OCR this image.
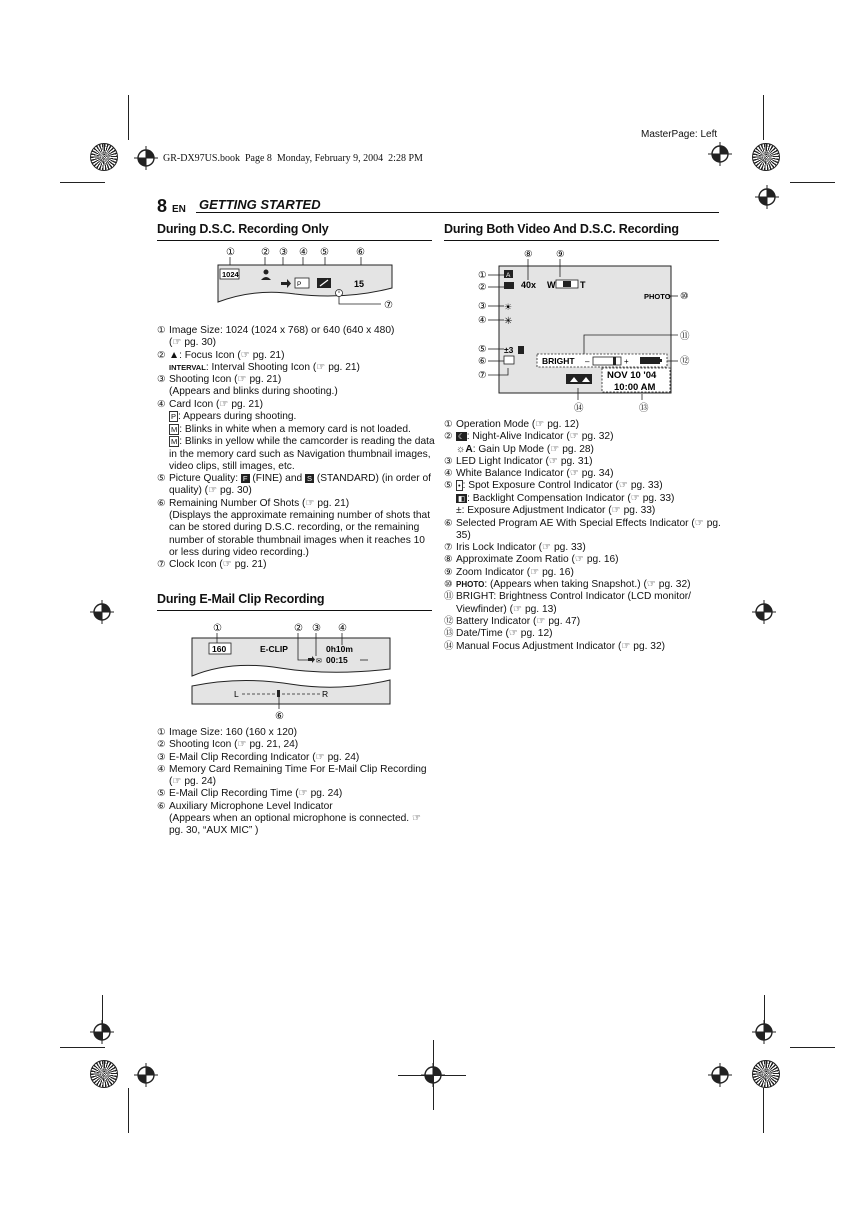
MasterPage: Left
GR-DX97US.book  Page 8  Monday, February 9, 2004  2:28 PM
8 EN GETTING STARTED
During D.S.C. Recording Only
①	② ③ ④ ⑤	⑥
⑦
1024
P	15
① Image Size: 1024 (1024 x 768) or 640 (640 x 480)
(☞ pg. 30)
② ▲: Focus Icon (☞ pg. 21)
INTERVAL: Interval Shooting Icon (☞ pg. 21)
③ Shooting Icon (☞ pg. 21)
(Appears and blinks during shooting.)
④ Card Icon (☞ pg. 21)
P : Appears during shooting.
M : Blinks in white when a memory card is not loaded.
M : Blinks in yellow while the camcorder is reading the data in the memory card such as Navigation thumbnail images, video clips, still images, etc.
⑤ Picture Quality: F (FINE) and S (STANDARD) (in order of quality) (☞ pg. 30)
⑥ Remaining Number Of Shots (☞ pg. 21)
(Displays the approximate remaining number of shots that can be stored during D.S.C. recording, or the remaining number of storable thumbnail images when it reaches 10 or less during video recording.)
⑦ Clock Icon (☞ pg. 21)
During E-Mail Clip Recording
①	② ③ ④
⑥
160	E-CLIP	0h10m
✉ 00:15
L	R
① Image Size: 160 (160 x 120)
② Shooting Icon (☞ pg. 21, 24)
③ E-Mail Clip Recording Indicator (☞ pg. 24)
④ Memory Card Remaining Time For E-Mail Clip Recording (☞ pg. 24)
⑤ E-Mail Clip Recording Time (☞ pg. 24)
⑥ Auxiliary Microphone Level Indicator
(Appears when an optional microphone is connected. ☞ pg. 30, “AUX MIC” )
During Both Video And D.S.C. Recording
①
②
③
④
⑤
⑥
⑦
⑧ ⑨
⑩
⑪
⑫
⑬
⑭
A
40x W	T
PHOTO
☀
✳
±3
BRIGHT –	+
NOV 10 '04
10:00 AM
① Operation Mode (☞ pg. 12)
② ☾ : Night-Alive Indicator (☞ pg. 32)
☼A: Gain Up Mode (☞ pg. 28)
③ LED Light Indicator (☞ pg. 31)
④ White Balance Indicator (☞ pg. 34)
⑤ • : Spot Exposure Control Indicator (☞ pg. 33)
◧ : Backlight Compensation Indicator (☞ pg. 33)
±: Exposure Adjustment Indicator (☞ pg. 33)
⑥ Selected Program AE With Special Effects Indicator (☞ pg. 35)
⑦ Iris Lock Indicator (☞ pg. 33)
⑧ Approximate Zoom Ratio (☞ pg. 16)
⑨ Zoom Indicator (☞ pg. 16)
⑩ PHOTO: (Appears when taking Snapshot.) (☞ pg. 32)
⑪ BRIGHT: Brightness Control Indicator (LCD monitor/ Viewfinder) (☞ pg. 13)
⑫ Battery Indicator (☞ pg. 47)
⑬ Date/Time (☞ pg. 12)
⑭ Manual Focus Adjustment Indicator (☞ pg. 32)
